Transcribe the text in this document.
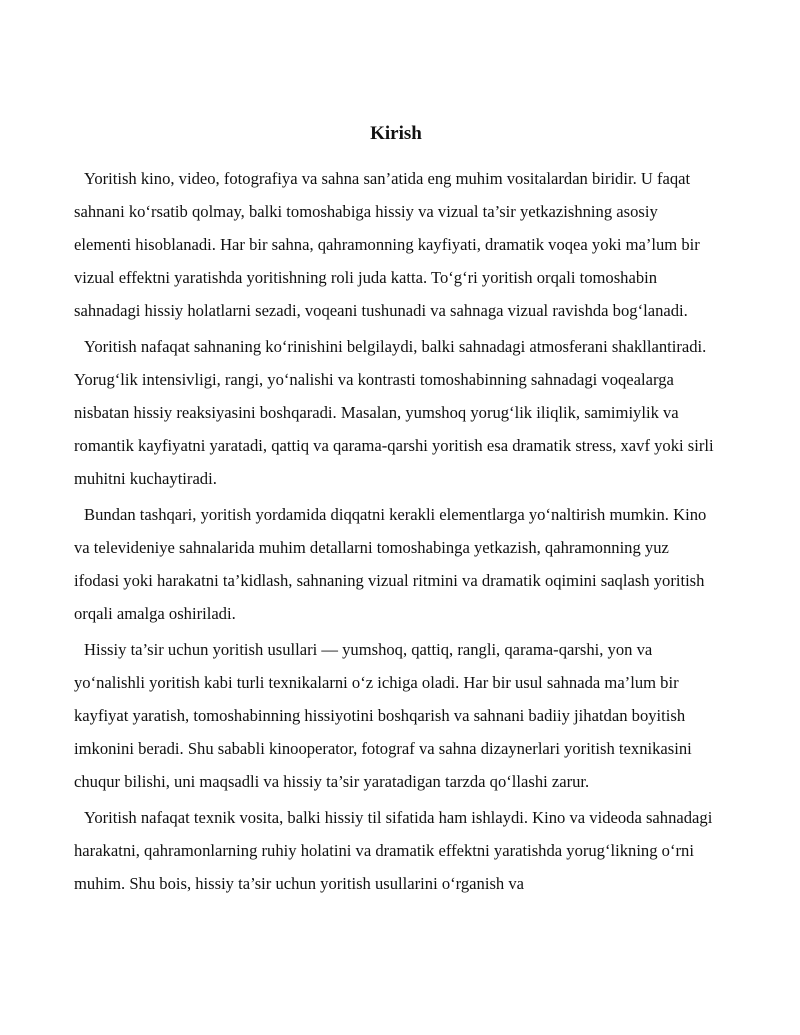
Kirish

Yoritish kino, video, fotografiya va sahna san’atida eng muhim vositalardan biridir. U faqat sahnani ko‘rsatib qolmay, balki tomoshabiga hissiy va vizual ta’sir yetkazishning asosiy elementi hisoblanadi. Har bir sahna, qahramonning kayfiyati, dramatik voqea yoki ma’lum bir vizual effektni yaratishda yoritishning roli juda katta. To‘g‘ri yoritish orqali tomoshabin sahnadagi hissiy holatlarni sezadi, voqeani tushunadi va sahnaga vizual ravishda bog‘lanadi.

Yoritish nafaqat sahnaning ko‘rinishini belgilaydi, balki sahnadagi atmosferani shakllantiradi. Yorug‘lik intensivligi, rangi, yo‘nalishi va kontrasti tomoshabinning sahnadagi voqealarga nisbatan hissiy reaksiyasini boshqaradi. Masalan, yumshoq yorug‘lik iliqlik, samimiylik va romantik kayfiyatni yaratadi, qattiq va qarama-qarshi yoritish esa dramatik stress, xavf yoki sirli muhitni kuchaytiradi.

Bundan tashqari, yoritish yordamida diqqatni kerakli elementlarga yo‘naltirish mumkin. Kino va televideniye sahnalarida muhim detallarni tomoshabinga yetkazish, qahramonning yuz ifodasi yoki harakatni ta’kidlash, sahnaning vizual ritmini va dramatik oqimini saqlash yoritish orqali amalga oshiriladi.

Hissiy ta’sir uchun yoritish usullari — yumshoq, qattiq, rangli, qarama-qarshi, yon va yo‘nalishli yoritish kabi turli texnikalarni o‘z ichiga oladi. Har bir usul sahnada ma’lum bir kayfiyat yaratish, tomoshabinning hissiyotini boshqarish va sahnani badiiy jihatdan boyitish imkonini beradi. Shu sababli kinooperator, fotograf va sahna dizaynerlari yoritish texnikasini chuqur bilishi, uni maqsadli va hissiy ta’sir yaratadigan tarzda qo‘llashi zarur.

Yoritish nafaqat texnik vosita, balki hissiy til sifatida ham ishlaydi. Kino va videoda sahnadagi harakatni, qahramonlarning ruhiy holatini va dramatik effektni yaratishda yorug‘likning o‘rni muhim. Shu bois, hissiy ta’sir uchun yoritish usullarini o‘rganish va
